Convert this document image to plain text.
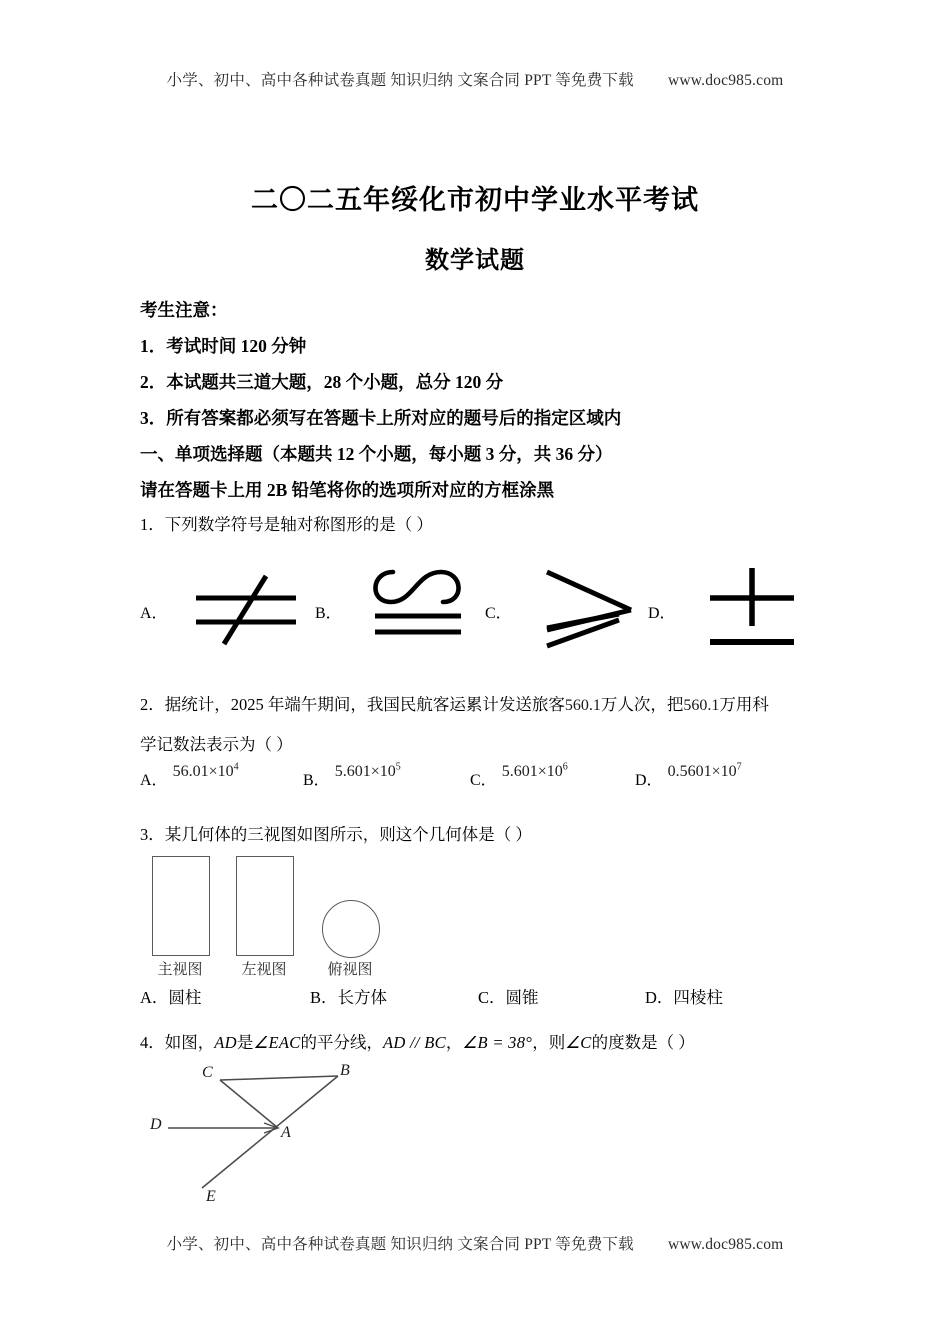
小学、初中、高中各种试卷真题 知识归纳 文案合同 PPT 等免费下载 www.doc985.com
二〇二五年绥化市初中学业水平考试
数学试题
考生注意：
1．考试时间 120 分钟
2．本试题共三道大题，28 个小题，总分 120 分
3．所有答案都必须写在答题卡上所对应的题号后的指定区域内
一、单项选择题（本题共 12 个小题，每小题 3 分，共 36 分）
请在答题卡上用 2B 铅笔将你的选项所对应的方框涂黑
1．下列数学符号是轴对称图形的是（ ）
A．	B．	C．	D．
2．据统计，2025 年端午期间，我国民航客运累计发送旅客560.1万人次，把560.1万用科
学记数法表示为（ ）
A．$56.01\times 10^4$
B．$5.601\times 10^5$
C．$5.601\times 10^6$
D．$0.5601\times 10^7$
3．某几何体的三视图如图所示，则这个几何体是（ ）
主视图	左视图	俯视图
A．圆柱	B．长方体	C．圆锥	D．四棱柱
4．如图，AD是∠EAC的平分线，AD // BC，∠B = 38°，则∠C的度数是（ ）
C	B
D	A
E
小学、初中、高中各种试卷真题 知识归纳 文案合同 PPT 等免费下载 www.doc985.com
